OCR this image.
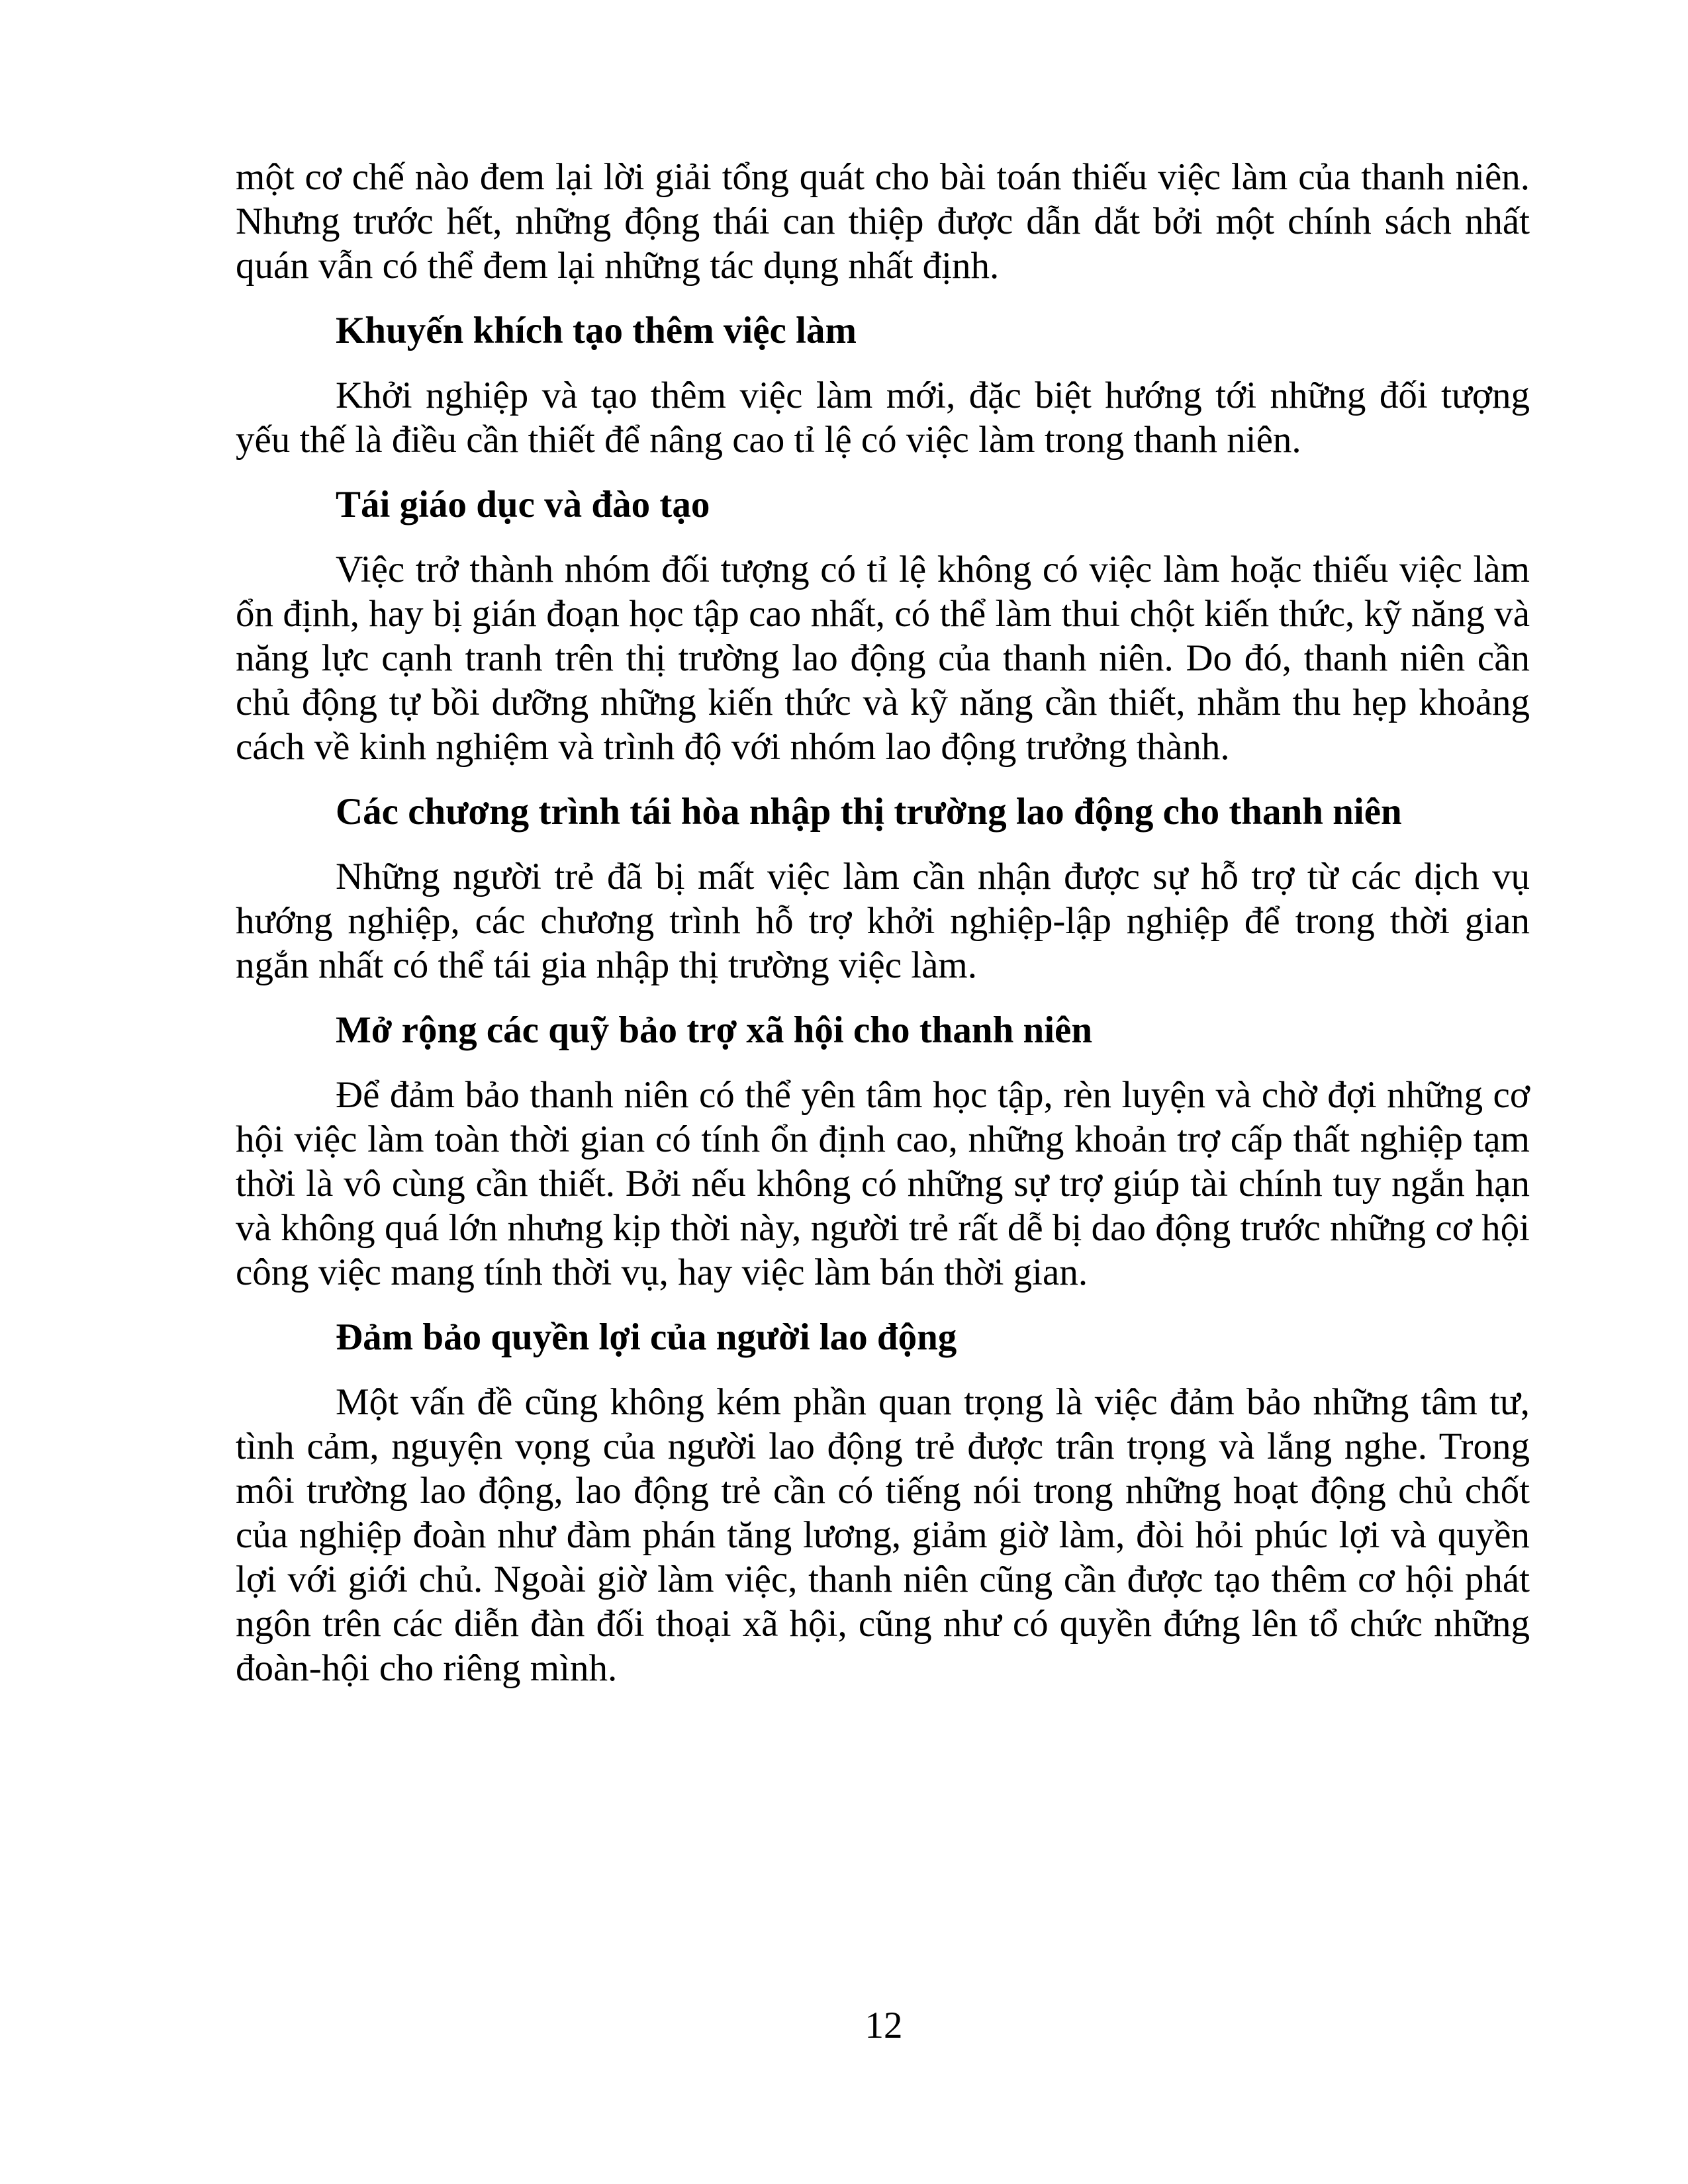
một cơ chế nào đem lại lời giải tổng quát cho bài toán thiếu việc làm của thanh niên. Nhưng trước hết, những động thái can thiệp được dẫn dắt bởi một chính sách nhất quán vẫn có thể đem lại những tác dụng nhất định.

Khuyến khích tạo thêm việc làm

Khởi nghiệp và tạo thêm việc làm mới, đặc biệt hướng tới những đối tượng yếu thế là điều cần thiết để nâng cao tỉ lệ có việc làm trong thanh niên.

Tái giáo dục và đào tạo

Việc trở thành nhóm đối tượng có tỉ lệ không có việc làm hoặc thiếu việc làm ổn định, hay bị gián đoạn học tập cao nhất, có thể làm thui chột kiến thức, kỹ năng và năng lực cạnh tranh trên thị trường lao động của thanh niên. Do đó, thanh niên cần chủ động tự bồi dưỡng những kiến thức và kỹ năng cần thiết, nhằm thu hẹp khoảng cách về kinh nghiệm và trình độ với nhóm lao động trưởng thành.

Các chương trình tái hòa nhập thị trường lao động cho thanh niên

Những người trẻ đã bị mất việc làm cần nhận được sự hỗ trợ từ các dịch vụ hướng nghiệp, các chương trình hỗ trợ khởi nghiệp-lập nghiệp để trong thời gian ngắn nhất có thể tái gia nhập thị trường việc làm.

Mở rộng các quỹ bảo trợ xã hội cho thanh niên

Để đảm bảo thanh niên có thể yên tâm học tập, rèn luyện và chờ đợi những cơ hội việc làm toàn thời gian có tính ổn định cao, những khoản trợ cấp thất nghiệp tạm thời là vô cùng cần thiết. Bởi nếu không có những sự trợ giúp tài chính tuy ngắn hạn và không quá lớn nhưng kịp thời này, người trẻ rất dễ bị dao động trước những cơ hội công việc mang tính thời vụ, hay việc làm bán thời gian.

Đảm bảo quyền lợi của người lao động

Một vấn đề cũng không kém phần quan trọng là việc đảm bảo những tâm tư, tình cảm, nguyện vọng của người lao động trẻ được trân trọng và lắng nghe. Trong môi trường lao động, lao động trẻ cần có tiếng nói trong những hoạt động chủ chốt của nghiệp đoàn như đàm phán tăng lương, giảm giờ làm, đòi hỏi phúc lợi và quyền lợi với giới chủ. Ngoài giờ làm việc, thanh niên cũng cần được tạo thêm cơ hội phát ngôn trên các diễn đàn đối thoại xã hội, cũng như có quyền đứng lên tổ chức những đoàn-hội cho riêng mình.

12
